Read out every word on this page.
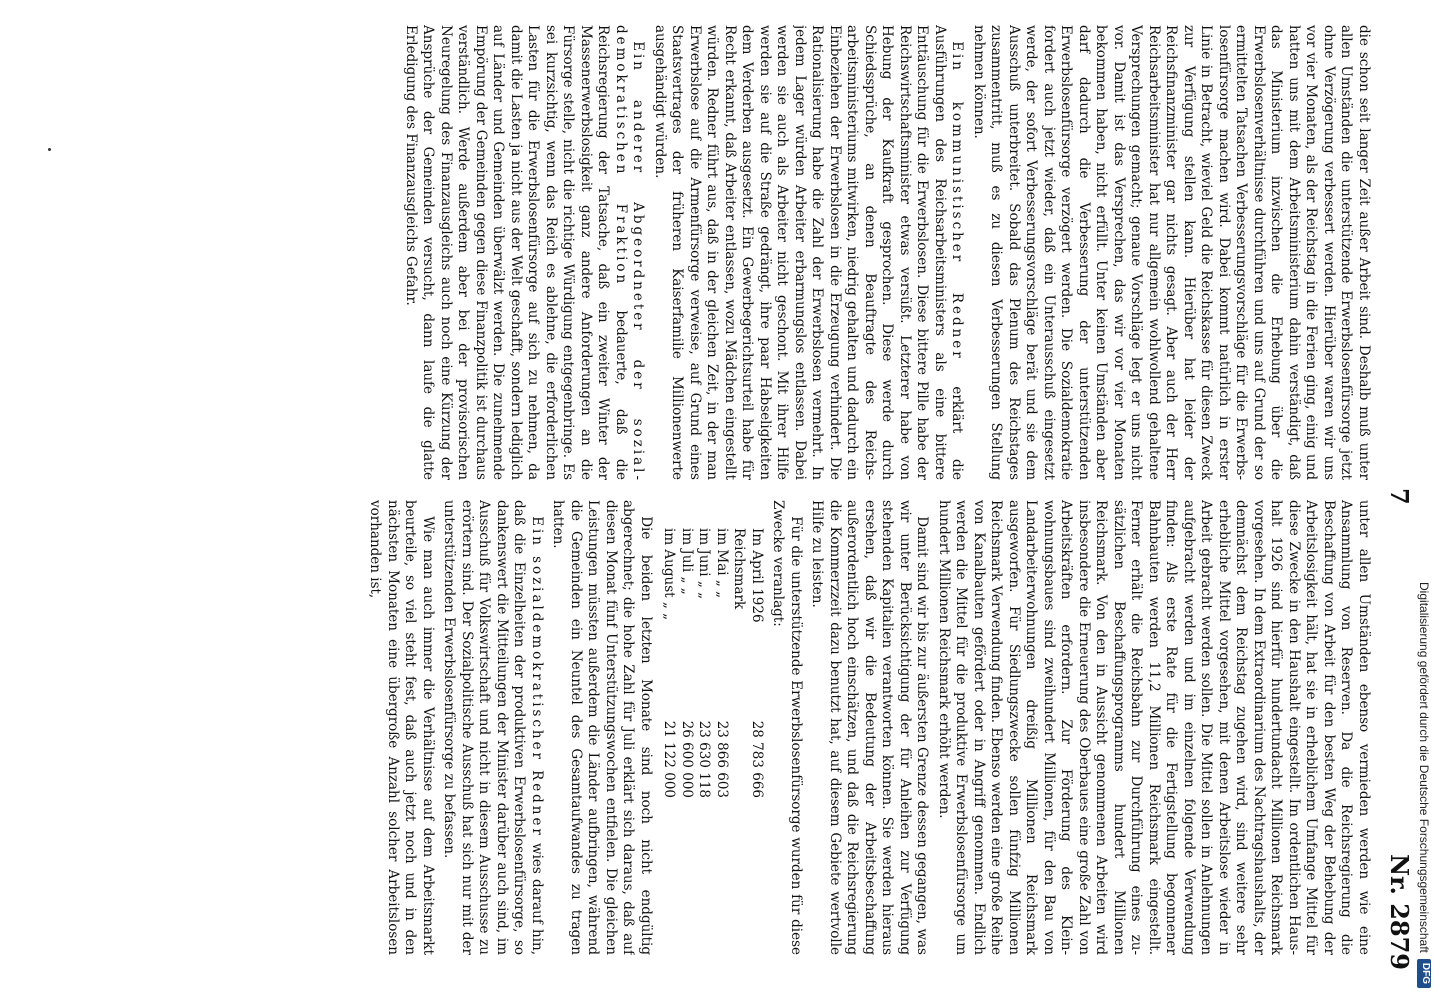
Digitalisierung gefördert durch die Deutsche Forschungsgemeinschaft
DFG
7
Nr. 2879

die schon seit langer Zeit außer Arbeit sind. Deshalb muß unter allen Umständen die unterstützende Erwerbslosenfürsorge jetzt ohne Verzögerung verbessert werden. Hierüber waren wir uns vor vier Monaten, als der Reichstag in die Ferien ging, einig und hatten uns mit dem Arbeitsministerium dahin verständigt, daß das Ministerium inzwischen die Erhebung über die Erwerbslosenverhältnisse durchführen und uns auf Grund der so ermittelten Tatsachen Verbesserungsvorschläge für die Erwerbslosenfürsorge machen wird. Dabei kommt natürlich in erster Linie in Betracht, wieviel Geld die Reichskasse für diesen Zweck zur Verfügung stellen kann. Hierüber hat leider der Reichsfinanzminister gar nichts gesagt. Aber auch der Herr Reichsarbeitsminister hat nur allgemein wohlwollend gehaltene Versprechungen gemacht; genaue Vorschläge legt er uns nicht vor. Damit ist das Versprechen, das wir vor vier Monaten bekommen haben, nicht erfüllt. Unter keinen Umständen aber darf dadurch die Verbesserung der unterstützenden Erwerbslosenfürsorge verzögert werden. Die Sozialdemokratie fordert auch jetzt wieder, daß ein Unterausschuß eingesetzt werde, der sofort Verbesserungsvorschläge berät und sie dem Ausschuß unterbreitet. Sobald das Plenum des Reichstages zusammentritt, muß es zu diesen Verbesserungen Stellung nehmen können.

Ein kommunistischer Redner erklärt die Ausführungen des Reichsarbeitsministers als eine bittere Enttäuschung für die Erwerbslosen. Diese bittere Pille habe der Reichswirtschaftsminister etwas versüßt. Letzterer habe von Hebung der Kaufkraft gesprochen. Diese werde durch Schiedssprüche, an denen Beauftragte des Reichsarbeitsministeriums mitwirken, niedrig gehalten und dadurch ein Einbeziehen der Erwerbslosen in die Erzeugung verhindert. Die Rationalisierung habe die Zahl der Erwerbslosen vermehrt. In jedem Lager würden Arbeiter erbarmungslos entlassen. Dabei werden sie auch als Arbeiter nicht geschont. Mit ihrer Hilfe werden sie auf die Straße gedrängt, ihre paar Habseligkeiten dem Verderben ausgesetzt. Ein Gewerbegerichtsurteil habe für Recht erkannt, daß Arbeiter entlassen, wozu Mädchen eingestellt würden. Redner führt aus, daß in der gleichen Zeit, in der man Erwerbslose auf die Armenfürsorge verweise, auf Grund eines Staatsvertrages der früheren Kaiserfamilie Millionenwerte ausgehändigt würden.

Ein anderer Abgeordneter der sozialdemokratischen Fraktion bedauerte, daß die Reichsregierung der Tatsache, daß ein zweiter Winter der Massenerwerbslosigkeit ganz andere Anforderungen an die Fürsorge stelle, nicht die richtige Würdigung entgegenbringe. Es sei kurzsichtig, wenn das Reich es ablehne, die erforderlichen Lasten für die Erwerbslosenfürsorge auf sich zu nehmen, da damit die Lasten ja nicht aus der Welt geschafft, sondern lediglich auf Länder und Gemeinden überwälzt werden. Die zunehmende Empörung der Gemeinden gegen diese Finanzpolitik ist durchaus verständlich. Werde außerdem aber bei der provisorischen Neuregelung des Finanzausgleichs auch noch eine Kürzung der Ansprüche der Gemeinden versucht, dann laufe die glatte Erledigung des Finanzausgleichs Gefahr.

unter allen Umständen ebenso vermieden werden wie eine Ansammlung von Reserven. Da die Reichsregierung die Beschaffung von Arbeit für den besten Weg der Behebung der Arbeitslosigkeit hält, hat sie in erheblichem Umfange Mittel für diese Zwecke in den Haushalt eingestellt. Im ordentlichen Haushalt 1926 sind hierfür hundertundacht Millionen Reichsmark vorgesehen. In dem Extraordinarium des Nachtragshaushalts, der demnächst dem Reichstag zugehen wird, sind weitere sehr erhebliche Mittel vorgesehen, mit denen Arbeitslose wieder in Arbeit gebracht werden sollen. Die Mittel sollen in Anlehnungen aufgebracht werden und im einzelnen folgende Verwendung finden: Als erste Rate für die Fertigstellung begonnener Bahnbauten werden 11,2 Millionen Reichsmark eingestellt. Ferner erhält die Reichsbahn zur Durchführung eines zusätzlichen Beschaffungsprogramms hundert Millionen Reichsmark. Von den in Aussicht genommenen Arbeiten wird insbesondere die Erneuerung des Oberbaues eine große Zahl von Arbeitskräften erfordern. Zur Förderung des Kleinwohnungsbaues sind zweihundert Millionen, für den Bau von Landarbeiterwohnungen dreißig Millionen Reichsmark ausgeworfen. Für Siedlungszwecke sollen fünfzig Millionen Reichsmark Verwendung finden. Ebenso werden eine große Reihe von Kanalbauten gefördert oder in Angriff genommen. Endlich werden die Mittel für die produktive Erwerbslosenfürsorge um hundert Millionen Reichsmark erhöht werden.

Damit sind wir bis zur äußersten Grenze dessen gegangen, was wir unter Berücksichtigung der für Anleihen zur Verfügung stehenden Kapitalien verantworten können. Sie werden hieraus ersehen, daß wir die Bedeutung der Arbeitsbeschaffung außerordentlich hoch einschätzen, und daß die Reichsregierung die Kommerzzeit dazu benutzt hat, auf diesem Gebiete wertvolle Hilfe zu leisten.

Für die unterstützende Erwerbslosenfürsorge wurden für diese Zwecke veranlagt:

Im April 1926 Reichsmark
28 783 666
im Mai „ „
23 866 603
im Juni „ „
23 630 118
im Juli „ „
26 600 000
im August „ „
21 122 000

Die beiden letzten Monate sind noch nicht endgültig abgerechnet; die hohe Zahl für Juli erklärt sich daraus, daß auf diesen Monat fünf Unterstützungswochen entfielen. Die gleichen Leistungen müssten außerdem die Länder aufbringen, während die Gemeinden ein Neuntel des Gesamtaufwandes zu tragen hatten.

Ein sozialdemokratischer Redner wies darauf hin, daß die Einzelheiten der produktiven Erwerbslosenfürsorge, so dankenswert die Mitteilungen der Minister darüber auch sind, im Ausschuß für Volkswirtschaft und nicht in diesem Ausschusse zu erörtern sind. Der Sozialpolitische Ausschuß hat sich nur mit der unterstützenden Erwerbslosenfürsorge zu befassen.

Wie man auch immer die Verhältnisse auf dem Arbeitsmarkt beurteile, so viel steht fest, daß auch jetzt noch und in den nächsten Monaten eine übergroße Anzahl solcher Arbeitslosen vorhanden ist,
